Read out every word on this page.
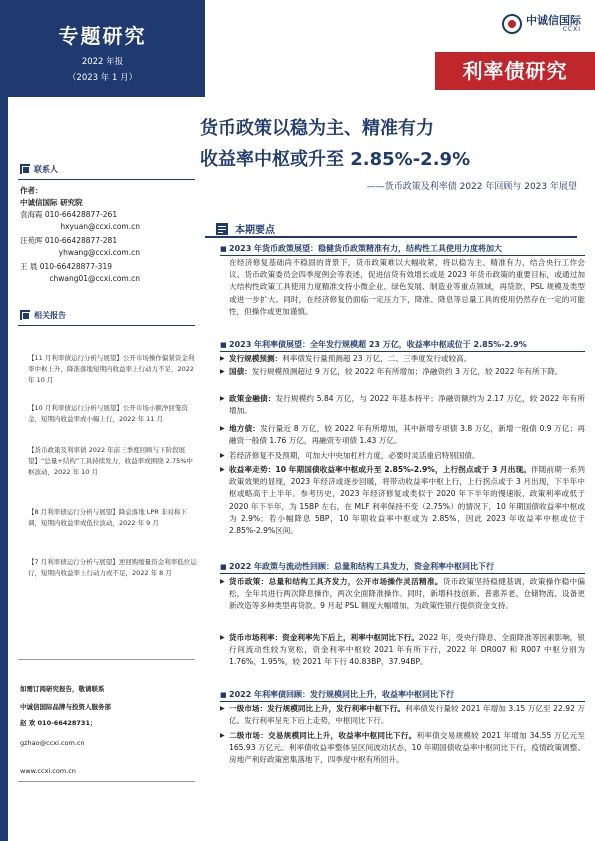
专题研究
2022 年报
（2023 年 1 月）
中诚信国际
CCXI
利率债研究
联系人
作者：
中诚信国际 研究院
袁海霞 010-66428877-261
hxyuan@ccxi.com.cn
汪苑晖 010-66428877-281
yhwang@ccxi.com.cn
王 晨 010-66428877-319
chwang01@ccxi.com.cn
相关报告
【11 月利率债运行分析与展望】公开市场操作偏紧资金利率中枢上升，降准落地短期内收益率上行动力不足，2022 年 10 月
【10 月利率债运行分析与展望】公开市场小额净回笼资金，短期内收益率或小幅上行，2022 年 11 月
【货币政策及利率债 2022 年前三季度回顾与下阶段展望】“总量+结构”工具持续发力，收益率或围绕 2.75%中枢波动，2022 年 10 月
【8 月利率债运行分析与展望】降息落地 LPR 非对称下调，短期内收益率或低位波动，2022 年 9 月
【7 月利率债运行分析与展望】逆回购缩量资金利率低位运行，短期内收益率上行动力或不足，2022 年 8 月
如需订阅研究报告，敬请联系
中诚信国际品牌与投资人服务部
赵 欢 010-66428731；
gzhao@ccxi.com.cn
www.ccxi.com.cn
货币政策以稳为主、精准有力
收益率中枢或升至 2.85%-2.9%
——货币政策及利率债 2022 年回顾与 2023 年展望
本期要点
■ 2023 年货币政策展望：稳健货币政策精准有力，结构性工具使用力度将加大
在经济修复基础尚不稳固的背景下，货币政策难以大幅收紧，将以稳为主、精准有力，结合央行工作会议、货币政策委员会四季度例会等表述，促进信贷有效增长或是 2023 年货币政策的重要目标，或通过加大结构性政策工具使用力度精准支持小微企业、绿色发展、制造业等重点领域，再贷款、PSL 规模及类型或进一步扩大。同时，在经济修复仍面临一定压力下，降准、降息等总量工具的使用仍然存在一定的可能性，但操作或更加谨慎。
■ 2023 年利率债展望：全年发行规模超 23 万亿，收益率中枢或位于 2.85%-2.9%
▶ 发行规模预测：利率债发行量预测超 23 万亿，二、三季度发行或较高。
▶ 国债：发行规模预测超过 9 万亿，较 2022 年有所增加；净融资约 3 万亿，较 2022 年有所下降。
▶ 政策金融债：发行规模约 5.84 万亿，与 2022 年基本持平；净融资额约为 2.17 万亿，较 2022 年有所增加。
▶ 地方债：发行量近 8 万亿，较 2022 年有所增加，其中新增专项债 3.8 万亿，新增一般债 0.9 万亿；再融资一般债 1.76 万亿，再融资专项债 1.43 万亿。
▶ 若经济修复不及预期，可加大中央加杠杆力度，必要时灵活重启特别国债。
▶ 收益率走势：10 年期国债收益率中枢或升至 2.85%-2.9%，上行拐点或于 3 月出现。伴随前期一系列政策效果的显现，2023 年经济或逐步回暖，将带动收益率中枢上行，上行拐点或于 3 月出现，下半年中枢或略高于上半年。参考历史，2023 年经济修复或类似于 2020 年下半年的慢速版，政策利率或低于 2020 年下半年，为 15BP 左右，在 MLF 利率保持不变（2.75%）的情况下，10 年期国债收益率中枢或为 2.9%；若小幅降息 5BP，10 年期收益率中枢或为 2.85%，因此 2023 年收益率中枢或位于 2.85%-2.9%区间。
■ 2022 年政策与流动性回顾：总量和结构工具发力，资金利率中枢同比下行
▶ 货币政策：总量和结构工具齐发力，公开市场操作灵活精准。货币政策坚持稳健基调，政策操作稳中偏松，全年共进行两次降息操作，两次全面降准操作。同时，新增科技创新、普惠养老、仓储物流、设备更新改造等多种类型再贷款。9 月起 PSL 额度大幅增加，为政策性银行提供资金支持。
▶ 货币市场利率：资金利率先下后上，利率中枢同比下行。2022 年，受央行降息、全面降准等因素影响，银行间流动性较为宽松，资金利率中枢较 2021 年有所下行，2022 年 DR007 和 R007 中枢分别为 1.76%、1.95%，较 2021 年下行 40.83BP、37.94BP。
■ 2022 年利率债回顾：发行规模同比上升，收益率中枢同比下行
▶ 一级市场：发行规模同比上升，发行利率中枢下行。利率债发行量较 2021 年增加 3.15 万亿至 22.92 万亿。发行利率呈先下后上走势，中枢同比下行。
▶ 二级市场：交易规模同比上升，收益率中枢同比下行。利率债交易规模较 2021 年增加 34.55 万亿元至 165.93 万亿元。利率债收益率整体呈区间波动状态，10 年期国债收益率中枢同比下行，疫情政策调整、房地产利好政策密集落地下，四季度中枢有所回升。
